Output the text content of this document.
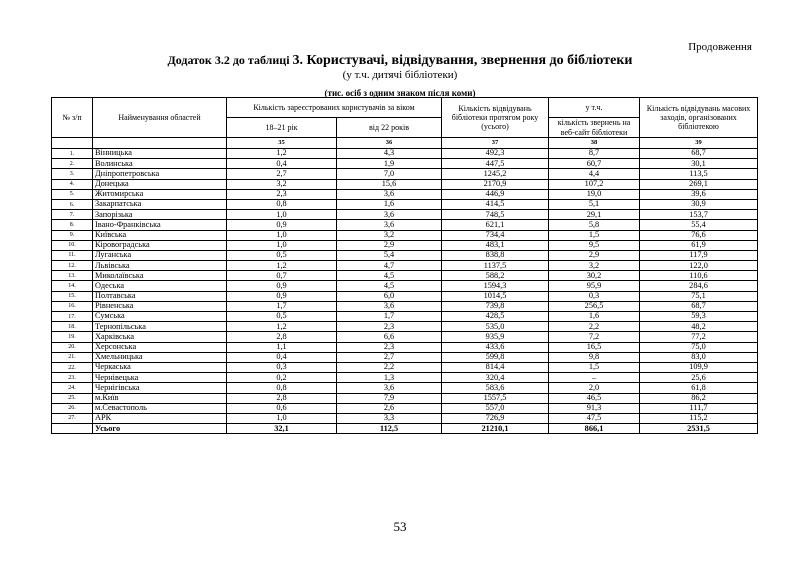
Продовження
Додаток 3.2 до таблиці 3. Користувачі, відвідування, звернення до бібліотеки
(у т.ч. дитячі бібліотеки)
(тис. осіб з одним знаком після коми)
№ з/п	Найменування областей	Кількість зареєстрованих користувачів за віком		Кількість відвідувань бібліотеки протягом року (усього)	у т.ч.	Кількість відвідувань масових заходів, організованих бібліотекою
		18–21 рік	від 22 років		кількість звернень на веб-сайт бібліотеки	
		35	36	37	38	39
1.	Вінницька	1,2	4,3	492,3	8,7	68,7
2.	Волинська	0,4	1,9	447,5	60,7	30,1
3.	Дніпропетровська	2,7	7,0	1245,2	4,4	113,5
4.	Донецька	3,2	15,6	2170,9	107,2	269,1
5.	Житомирська	2,3	3,6	446,9	19,0	39,6
6.	Закарпатська	0,8	1,6	414,5	5,1	30,9
7.	Запорізька	1,0	3,6	748,5	29,1	153,7
8.	Івано-Франківська	0,9	3,6	621,1	5,8	55,4
9.	Київська	1,0	3,2	734,4	1,5	76,6
10.	Кіровоградська	1,0	2,9	483,1	9,5	61,9
11.	Луганська	0,5	5,4	838,8	2,9	117,9
12.	Львівська	1,2	4,7	1137,5	3,2	122,0
13.	Миколаївська	0,7	4,5	588,2	30,2	110,6
14.	Одеська	0,9	4,5	1594,3	95,9	284,6
15.	Полтавська	0,9	6,0	1014,5	0,3	75,1
16.	Рівненська	1,7	3,6	739,8	256,5	68,7
17.	Сумська	0,5	1,7	428,5	1,6	59,3
18.	Тернопільська	1,2	2,3	535,0	2,2	48,2
19.	Харківська	2,8	6,6	935,9	7,2	77,2
20.	Херсонська	1,1	2,3	433,6	16,5	75,0
21.	Хмельницька	0,4	2,7	599,8	9,8	83,0
22.	Черкаська	0,3	2,2	814,4	1,5	109,9
23.	Чернівецька	0,2	1,3	320,4	–	25,6
24.	Чернігівська	0,8	3,6	583,6	2,0	61,8
25.	м.Київ	2,8	7,9	1557,5	46,5	86,2
26.	м.Севастополь	0,6	2,6	557,0	91,3	111,7
27.	АРК	1,0	3,3	726,9	47,5	115,2
	Усього	32,1	112,5	21210,1	866,1	2531,5
53
